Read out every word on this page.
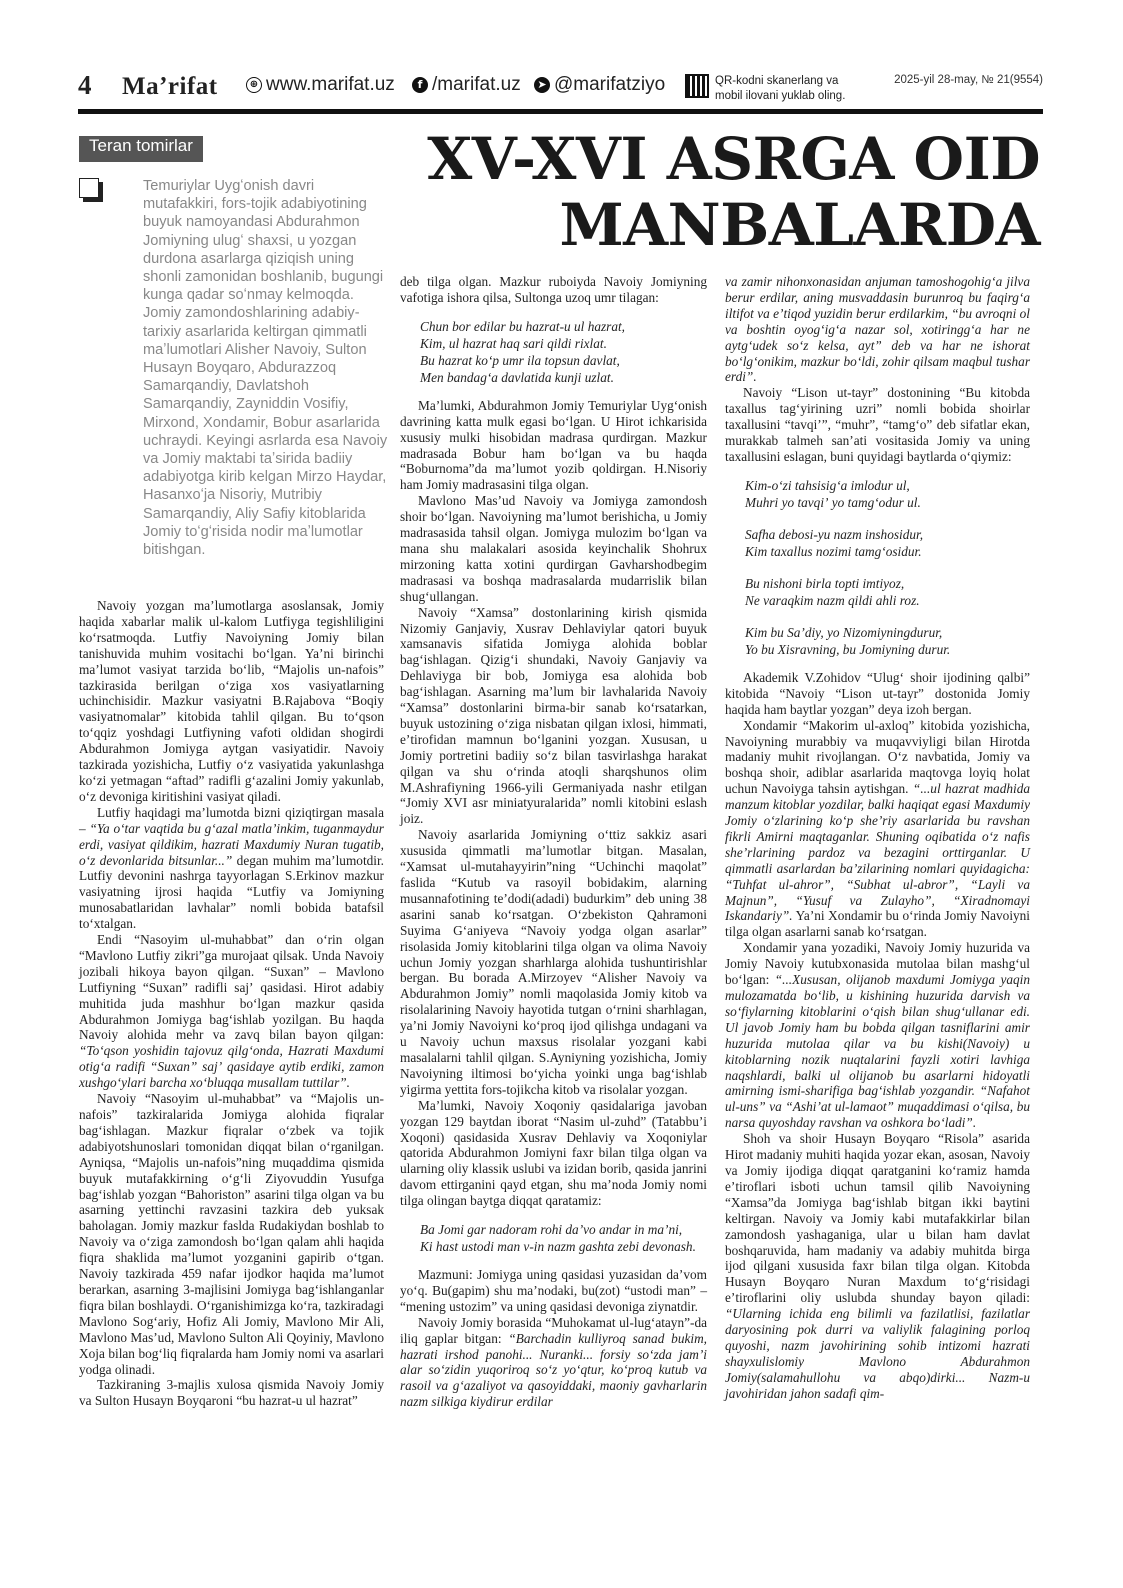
4 Maʼrifat	⊕ www.marifat.uz	f /marifat.uz	➤ @marifatziyo	QR-kodni skanerlang va
mobil ilovani yuklab oling.
2025-yil 28-may, № 21(9554)
Teran tomirlar	XV-XVI ASRGA OID
MANBALARDA
Temuriylar Uygʻonish davri mutafakkiri, fors-tojik adabiyotining buyuk namoyandasi Abdurahmon Jomiyning ulugʻ shaxsi, u yozgan durdona asarlarga qiziqish uning shonli zamonidan boshlanib, bugungi kunga qadar soʻnmay kelmoqda. Jomiy zamondoshlarining adabiy-tarixiy asarlarida keltirgan qimmatli maʼlumotlari Alisher Navoiy, Sulton Husayn Boyqaro, Abdurazzoq Samarqandiy, Davlatshoh Samarqandiy, Zayniddin Vosifiy, Mirxond, Xondamir, Bobur asarlarida uchraydi. Keyingi asrlarda esa Navoiy va Jomiy maktabi taʼsirida badiiy adabiyotga kirib kelgan Mirzo Haydar, Hasanxoʻja Nisoriy, Mutribiy Samarqandiy, Aliy Safiy kitoblarida Jomiy toʻgʻrisida nodir maʼlumotlar bitishgan.

Navoiy yozgan maʼlumotlarga asoslansak, Jomiy haqida xabarlar malik ul-kalom Lutfiyga tegishliligini koʻrsatmoqda. Lutfiy Navoiyning Jomiy bilan tanishuvida muhim vositachi boʻlgan. Yaʼni birinchi maʼlumot vasiyat tarzida boʻlib, “Majolis un-nafois” tazkirasida berilgan oʻziga xos vasiyatlarning uchinchisidir. Mazkur vasiyatni B.Rajabova “Boqiy vasiyatnomalar” kitobida tahlil qilgan. Bu toʻqson toʻqqiz yoshdagi Lutfiyning vafoti oldidan shogirdi Abdurahmon Jomiyga aytgan vasiyatidir. Navoiy tazkirada yozishicha, Lutfiy oʻz vasiyatida yakunlashga koʻzi yetmagan “aftad” radifli gʻazalini Jomiy yakunlab, oʻz devoniga kiritishini vasiyat qiladi.

Lutfiy haqidagi maʼlumotda bizni qiziqtirgan masala – “Ya oʻtar vaqtida bu gʻazal matlaʼinkim, tuganmaydur erdi, vasiyat qildikim, hazrati Maxdumiy Nuran tugatib, oʻz devonlarida bitsunlar...” degan muhim maʼlumotdir. Lutfiy devonini nashrga tayyorlagan S.Erkinov mazkur vasiyatning ijrosi haqida “Lutfiy va Jomiyning munosabatlaridan lavhalar” nomli bobida batafsil toʻxtalgan.

Endi “Nasoyim ul-muhabbat” dan oʻrin olgan “Mavlono Lutfiy zikri”ga murojaat qilsak. Unda Navoiy jozibali hikoya bayon qilgan. “Suxan” – Mavlono Lutfiyning “Suxan” radifli sajʼ qasidasi. Hirot adabiy muhitida juda mashhur boʻlgan mazkur qasida Abdurahmon Jomiyga bagʻishlab yozilgan. Bu haqda Navoiy alohida mehr va zavq bilan bayon qilgan: “Toʻqson yoshidin tajovuz qilgʻonda, Hazrati Maxdumi otigʻa radifi “Suxan” sajʼ qasidaye aytib erdiki, zamon xushgoʻylari barcha xoʻbluqqa musallam tuttilar”.

Navoiy “Nasoyim ul-muhabbat” va “Majolis un-nafois” tazkiralarida Jomiyga alohida fiqralar bagʻishlagan. Mazkur fiqralar oʻzbek va tojik adabiyotshunoslari tomonidan diqqat bilan oʻrganilgan. Ayniqsa, “Majolis un-nafois”ning muqaddima qismida buyuk mutafakkirning oʻgʻli Ziyovuddin Yusufga bagʻishlab yozgan “Bahoriston” asarini tilga olgan va bu asarning yettinchi ravzasini tazkira deb yuksak baholagan. Jomiy mazkur faslda Rudakiydan boshlab to Navoiy va oʻziga zamondosh boʻlgan qalam ahli haqida fiqra shaklida maʼlumot yozganini gapirib oʻtgan. Navoiy tazkirada 459 nafar ijodkor haqida maʼlumot berarkan, asarning 3-majlisini Jomiyga bagʻishlanganlar fiqra bilan boshlaydi. Oʻrganishimizga koʻra, tazkiradagi Mavlono Sogʻariy, Hofiz Ali Jomiy, Mavlono Mir Ali, Mavlono Masʼud, Mavlono Sulton Ali Qoyiniy, Mavlono Xoja bilan bogʻliq fiqralarda ham Jomiy nomi va asarlari yodga olinadi.

Tazkiraning 3-majlis xulosa qismida Navoiy Jomiy va Sulton Husayn Boyqaroni “bu hazrat-u ul hazrat”

deb tilga olgan. Mazkur ruboiyda Navoiy Jomiyning vafotiga ishora qilsa, Sultonga uzoq umr tilagan:

Chun bor edilar bu hazrat-u ul hazrat,
Kim, ul hazrat haq sari qildi rixlat.
Bu hazrat koʻp umr ila topsun davlat,
Men bandagʻa davlatida kunji uzlat.

Maʼlumki, Abdurahmon Jomiy Temuriylar Uygʻonish davrining katta mulk egasi boʻlgan. U Hirot ichkarisida xususiy mulki hisobidan madrasa qurdirgan. Mazkur madrasada Bobur ham boʻlgan va bu haqda “Boburnoma”da maʼlumot yozib qoldirgan. H.Nisoriy ham Jomiy madrasasini tilga olgan.

Mavlono Masʼud Navoiy va Jomiyga zamondosh shoir boʻlgan. Navoiyning maʼlumot berishicha, u Jomiy madrasasida tahsil olgan. Jomiyga mulozim boʻlgan va mana shu malakalari asosida keyinchalik Shohrux mirzoning katta xotini qurdirgan Gavharshodbegim madrasasi va boshqa madrasalarda mudarrislik bilan shugʻullangan.

Navoiy “Xamsa” dostonlarining kirish qismida Nizomiy Ganjaviy, Xusrav Dehlaviylar qatori buyuk xamsanavis sifatida Jomiyga alohida boblar bagʻishlagan. Qizigʻi shundaki, Navoiy Ganjaviy va Dehlaviyga bir bob, Jomiyga esa alohida bob bagʻishlagan. Asarning maʼlum bir lavhalarida Navoiy “Xamsa” dostonlarini birma-bir sanab koʻrsatarkan, buyuk ustozining oʻziga nisbatan qilgan ixlosi, himmati, eʼtirofidan mamnun boʻlganini yozgan. Xususan, u Jomiy portretini badiiy soʻz bilan tasvirlashga harakat qilgan va shu oʻrinda atoqli sharqshunos olim M.Ashrafiyning 1966-yili Germaniyada nashr etilgan “Jomiy XVI asr miniatyuralarida” nomli kitobini eslash joiz.

Navoiy asarlarida Jomiyning oʻttiz sakkiz asari xususida qimmatli maʼlumotlar bitgan. Masalan, “Xamsat ul-mutahayyirin”ning “Uchinchi maqolat” faslida “Kutub va rasoyil bobidakim, alarning musannafotining teʼdodi(adadi) budurkim” deb uning 38 asarini sanab koʻrsatgan. Oʻzbekiston Qahramoni Suyima Gʻaniyeva “Navoiy yodga olgan asarlar” risolasida Jomiy kitoblarini tilga olgan va olima Navoiy uchun Jomiy yozgan sharhlarga alohida tushuntirishlar bergan. Bu borada A.Mirzoyev “Alisher Navoiy va Abdurahmon Jomiy” nomli maqolasida Jomiy kitob va risolalarining Navoiy hayotida tutgan oʻrnini sharhlagan, yaʼni Jomiy Navoiyni koʻproq ijod qilishga undagani va u Navoiy uchun maxsus risolalar yozgani kabi masalalarni tahlil qilgan. S.Ayniyning yozishicha, Jomiy Navoiyning iltimosi boʻyicha yoinki unga bagʻishlab yigirma yettita fors-tojikcha kitob va risolalar yozgan.

Maʼlumki, Navoiy Xoqoniy qasidalariga javoban yozgan 129 baytdan iborat “Nasim ul-zuhd” (Tatabbuʼi Xoqoni) qasidasida Xusrav Dehlaviy va Xoqoniylar qatorida Abdurahmon Jomiyni faxr bilan tilga olgan va ularning oliy klassik uslubi va izidan borib, qasida janrini davom ettirganini qayd etgan, shu maʼnoda Jomiy nomi tilga olingan baytga diqqat qaratamiz:

Ba Jomi gar nadoram rohi daʼvo andar in maʼni,
Ki hast ustodi man v-in nazm gashta zebi devonash.

Mazmuni: Jomiyga uning qasidasi yuzasidan daʼvom yoʻq. Bu(gapim) shu maʼnodaki, bu(zot) “ustodi man” – “mening ustozim” va uning qasidasi devoniga ziynatdir.

Navoiy Jomiy borasida “Muhokamat ul-lugʻatayn”-da iliq gaplar bitgan: “Barchadin kulliyroq sanad bukim, hazrati irshod panohi... Nuranki... forsiy soʻzda jamʼi alar soʻzidin yuqoriroq soʻz yoʻqtur, koʻproq kutub va rasoil va gʻazaliyot va qasoyiddaki, maoniy gavharlarin nazm silkiga kiydirur erdilar

va zamir nihonxonasidan anjuman tamoshogohigʻa jilva berur erdilar, aning musvaddasin burunroq bu faqirgʻa iltifot va eʼtiqod yuzidin berur erdilarkim, “bu avroqni ol va boshtin oyogʻigʻa nazar sol, xotiringgʻa har ne aytgʻudek soʻz kelsa, ayt” deb va har ne ishorat boʻlgʻonikim, mazkur boʻldi, zohir qilsam maqbul tushar erdi”.

Navoiy “Lison ut-tayr” dostonining “Bu kitobda taxallus tagʻyirining uzri” nomli bobida shoirlar taxallusini “tavqiʼ”, “muhr”, “tamgʻo” deb sifatlar ekan, murakkab talmeh sanʼati vositasida Jomiy va uning taxallusini eslagan, buni quyidagi baytlarda oʻqiymiz:

Kim-oʻzi tahsisigʻa imlodur ul,
Muhri yo tavqiʼ yo tamgʻodur ul.
Safha debosi-yu nazm inshosidur,
Kim taxallus nozimi tamgʻosidur.
Bu nishoni birla topti imtiyoz,
Ne varaqkim nazm qildi ahli roz.
Kim bu Saʼdiy, yo Nizomiyningdurur,
Yo bu Xisravning, bu Jomiyning durur.

Akademik V.Zohidov “Ulugʻ shoir ijodining qalbi” kitobida “Navoiy “Lison ut-tayr” dostonida Jomiy haqida ham baytlar yozgan” deya izoh bergan.

Xondamir “Makorim ul-axloq” kitobida yozishicha, Navoiyning murabbiy va muqavviyligi bilan Hirotda madaniy muhit rivojlangan. Oʻz navbatida, Jomiy va boshqa shoir, adiblar asarlarida maqtovga loyiq holat uchun Navoiyga tahsin aytishgan. “...ul hazrat madhida manzum kitoblar yozdilar, balki haqiqat egasi Maxdumiy Jomiy oʻzlarining koʻp sheʼriy asarlarida bu ravshan fikrli Amirni maqtaganlar. Shuning oqibatida oʻz nafis sheʼrlarining pardoz va bezagini orttirganlar. U qimmatli asarlardan baʼzilarining nomlari quyidagicha: “Tuhfat ul-ahror”, “Subhat ul-abror”, “Layli va Majnun”, “Yusuf va Zulayho”, “Xiradnomayi Iskandariy”. Yaʼni Xondamir bu oʻrinda Jomiy Navoiyni tilga olgan asarlarni sanab koʻrsatgan.

Xondamir yana yozadiki, Navoiy Jomiy huzurida va Jomiy Navoiy kutubxonasida mutolaa bilan mashgʻul boʻlgan: “...Xususan, olijanob maxdumi Jomiyga yaqin mulozamatda boʻlib, u kishining huzurida darvish va soʻfiylarning kitoblarini oʻqish bilan shugʻullanar edi. Ul javob Jomiy ham bu bobda qilgan tasniflarini amir huzurida mutolaa qilar va bu kishi(Navoiy) u kitoblarning nozik nuqtalarini fayzli xotiri lavhiga naqshlardi, balki ul olijanob bu asarlarni hidoyatli amirning ismi-sharifiga bagʻishlab yozgandir. “Nafahot ul-uns” va “Ashiʼat ul-lamaot” muqaddimasi oʻqilsa, bu narsa quyoshday ravshan va oshkora boʻladi”.

Shoh va shoir Husayn Boyqaro “Risola” asarida Hirot madaniy muhiti haqida yozar ekan, asosan, Navoiy va Jomiy ijodiga diqqat qaratganini koʻramiz hamda eʼtiroflari isboti uchun tamsil qilib Navoiyning “Xamsa”da Jomiyga bagʻishlab bitgan ikki baytini keltirgan. Navoiy va Jomiy kabi mutafakkirlar bilan zamondosh yashaganiga, ular u bilan ham davlat boshqaruvida, ham madaniy va adabiy muhitda birga ijod qilgani xususida faxr bilan tilga olgan. Kitobda Husayn Boyqaro Nuran Maxdum toʻgʻrisidagi eʼtiroflarini oliy uslubda shunday bayon qiladi: “Ularning ichida eng bilimli va fazilatlisi, fazilatlar daryosining pok durri va valiylik falagining porloq quyoshi, nazm javohirining sohib intizomi hazrati shayxulislomiy Mavlono Abdurahmon Jomiy(salamahullohu va abqo)dirki... Nazm-u javohiridan jahon sadafi qim-
